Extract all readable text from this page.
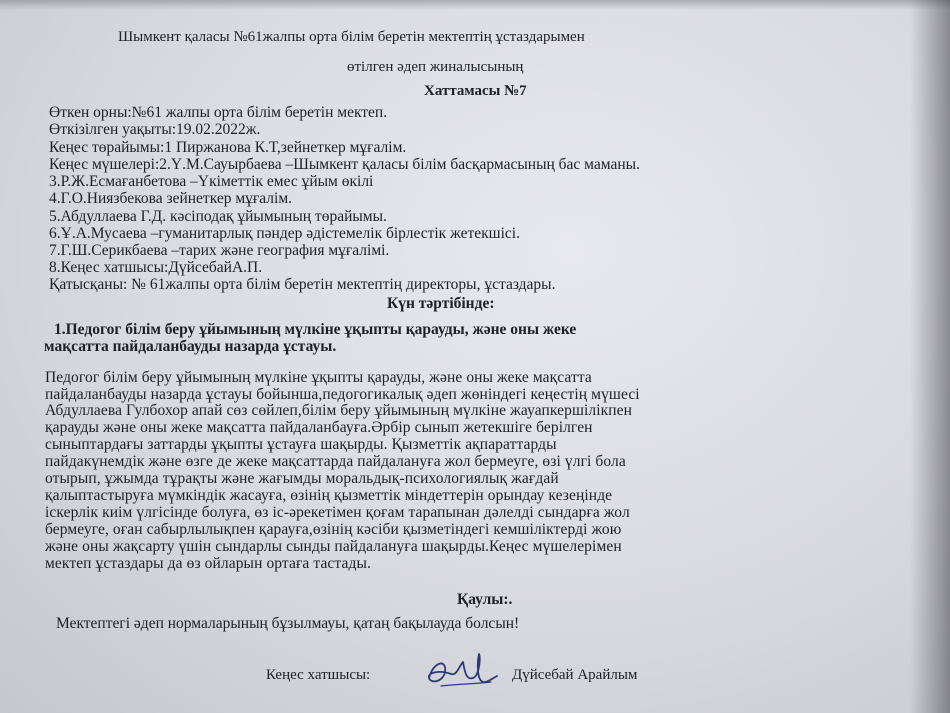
Шымкент қаласы №61жалпы орта білім беретін мектептің ұстаздарымен
өтілген әдеп жиналысының
Хаттамасы №7
Өткен орны:№61 жалпы орта білім беретін мектеп.
Өткізілген уақыты:19.02.2022ж.
Кеңес төрайымы:1 Пиржанова К.Т,зейнеткер мұғалім.
Кеңес мүшелері:2.Ү.М.Сауырбаева –Шымкент қаласы білім басқармасының бас маманы.
3.Р.Ж.Есмағанбетова –Үкіметтік емес ұйым өкілі
4.Г.О.Ниязбекова зейнеткер мұғалім.
5.Абдуллаева Г.Д. кәсіподақ ұйымының төрайымы.
6.Ұ.А.Мусаева –гуманитарлық пәндер әдістемелік бірлестік жетекшісі.
7.Г.Ш.Серикбаева –тарих және география мұғалімі.
8.Кеңес хатшысы:ДүйсебайА.П.
Қатысқаны: № 61жалпы орта білім беретін мектептің директоры, ұстаздары.
Күн тәртібінде:
1.Педогог білім беру ұйымының мүлкіне ұқыпты қарауды, және оны жеке
мақсатта пайдаланбауды назарда ұстауы.
Педогог білім беру ұйымының мүлкіне ұқыпты қарауды, және оны жеке мақсатта
пайдаланбауды назарда ұстауы бойынша,педогогикалық әдеп жөніндегі кеңестің мүшесі
Абдуллаева Гулбохор апай сөз сөйлеп,білім беру ұйымының мүлкіне жауапкершілікпен
қарауды және оны жеке мақсатта пайдаланбауға.Әрбір сынып жетекшіге берілген
сыныптардағы заттарды ұқыпты ұстауға шақырды. Қызметтік ақпараттарды
пайдакүнемдік және өзге де жеке мақсаттарда пайдалануға жол бермеуге, өзі үлгі бола
отырып, ұжымда тұрақты және жағымды моральдық-психологиялық жағдай
қалыптастыруға мүмкіндік жасауға, өзінің қызметтік міндеттерін орындау кезеңінде
іскерлік киім үлгісінде болуға, өз іс-әрекетімен қоғам тарапынан дәлелді сындарға жол
бермеуге, оған сабырлылықпен қарауға,өзінің кәсіби қызметіндегі кемшіліктерді жою
және оны жақсарту үшін сындарлы сынды пайдалануға шақырды.Кеңес мүшелерімен
мектеп ұстаздары да өз ойларын ортаға тастады.
Қаулы:.
Мектептегі әдеп нормаларының бұзылмауы, қатаң бақылауда болсын!
Кеңес хатшысы:	Дүйсебай Арайлым
